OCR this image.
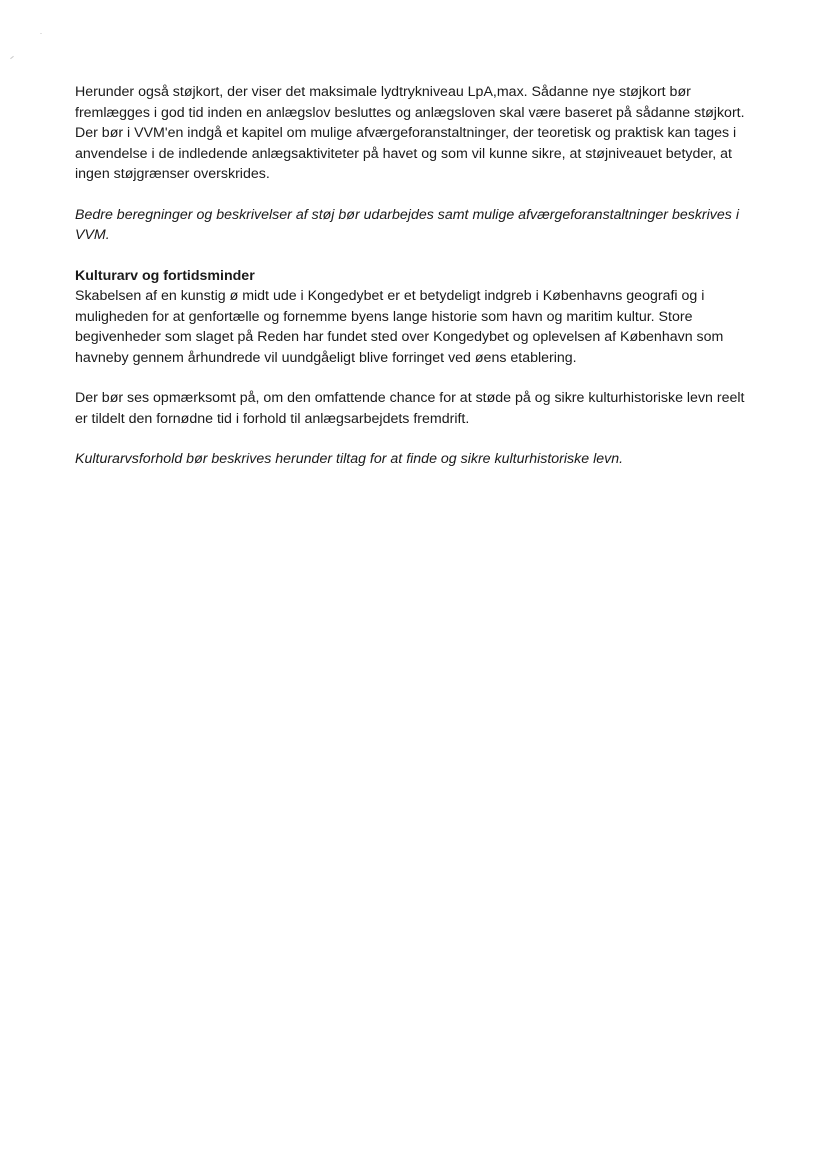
Herunder også støjkort, der viser det maksimale lydtrykniveau LpA,max. Sådanne nye støjkort bør fremlægges i god tid inden en anlægslov besluttes og anlægsloven skal være baseret på sådanne støjkort. Der bør i VVM'en indgå et kapitel om mulige afværgeforanstaltninger, der teoretisk og praktisk kan tages i anvendelse i de indledende anlægsaktiviteter på havet og som vil kunne sikre, at støjniveauet betyder, at ingen støjgrænser overskrides.

Bedre beregninger og beskrivelser af støj bør udarbejdes samt mulige afværgeforanstaltninger beskrives i VVM.

Kulturarv og fortidsminder

Skabelsen af en kunstig ø midt ude i Kongedybet er et betydeligt indgreb i Københavns geografi og i muligheden for at genfortælle og fornemme byens lange historie som havn og maritim kultur. Store begivenheder som slaget på Reden har fundet sted over Kongedybet og oplevelsen af København som havneby gennem århundrede vil uundgåeligt blive forringet ved øens etablering.

Der bør ses opmærksomt på, om den omfattende chance for at støde på og sikre kulturhistoriske levn reelt er tildelt den fornødne tid i forhold til anlægsarbejdets fremdrift.

Kulturarvsforhold bør beskrives herunder tiltag for at finde og sikre kulturhistoriske levn.
